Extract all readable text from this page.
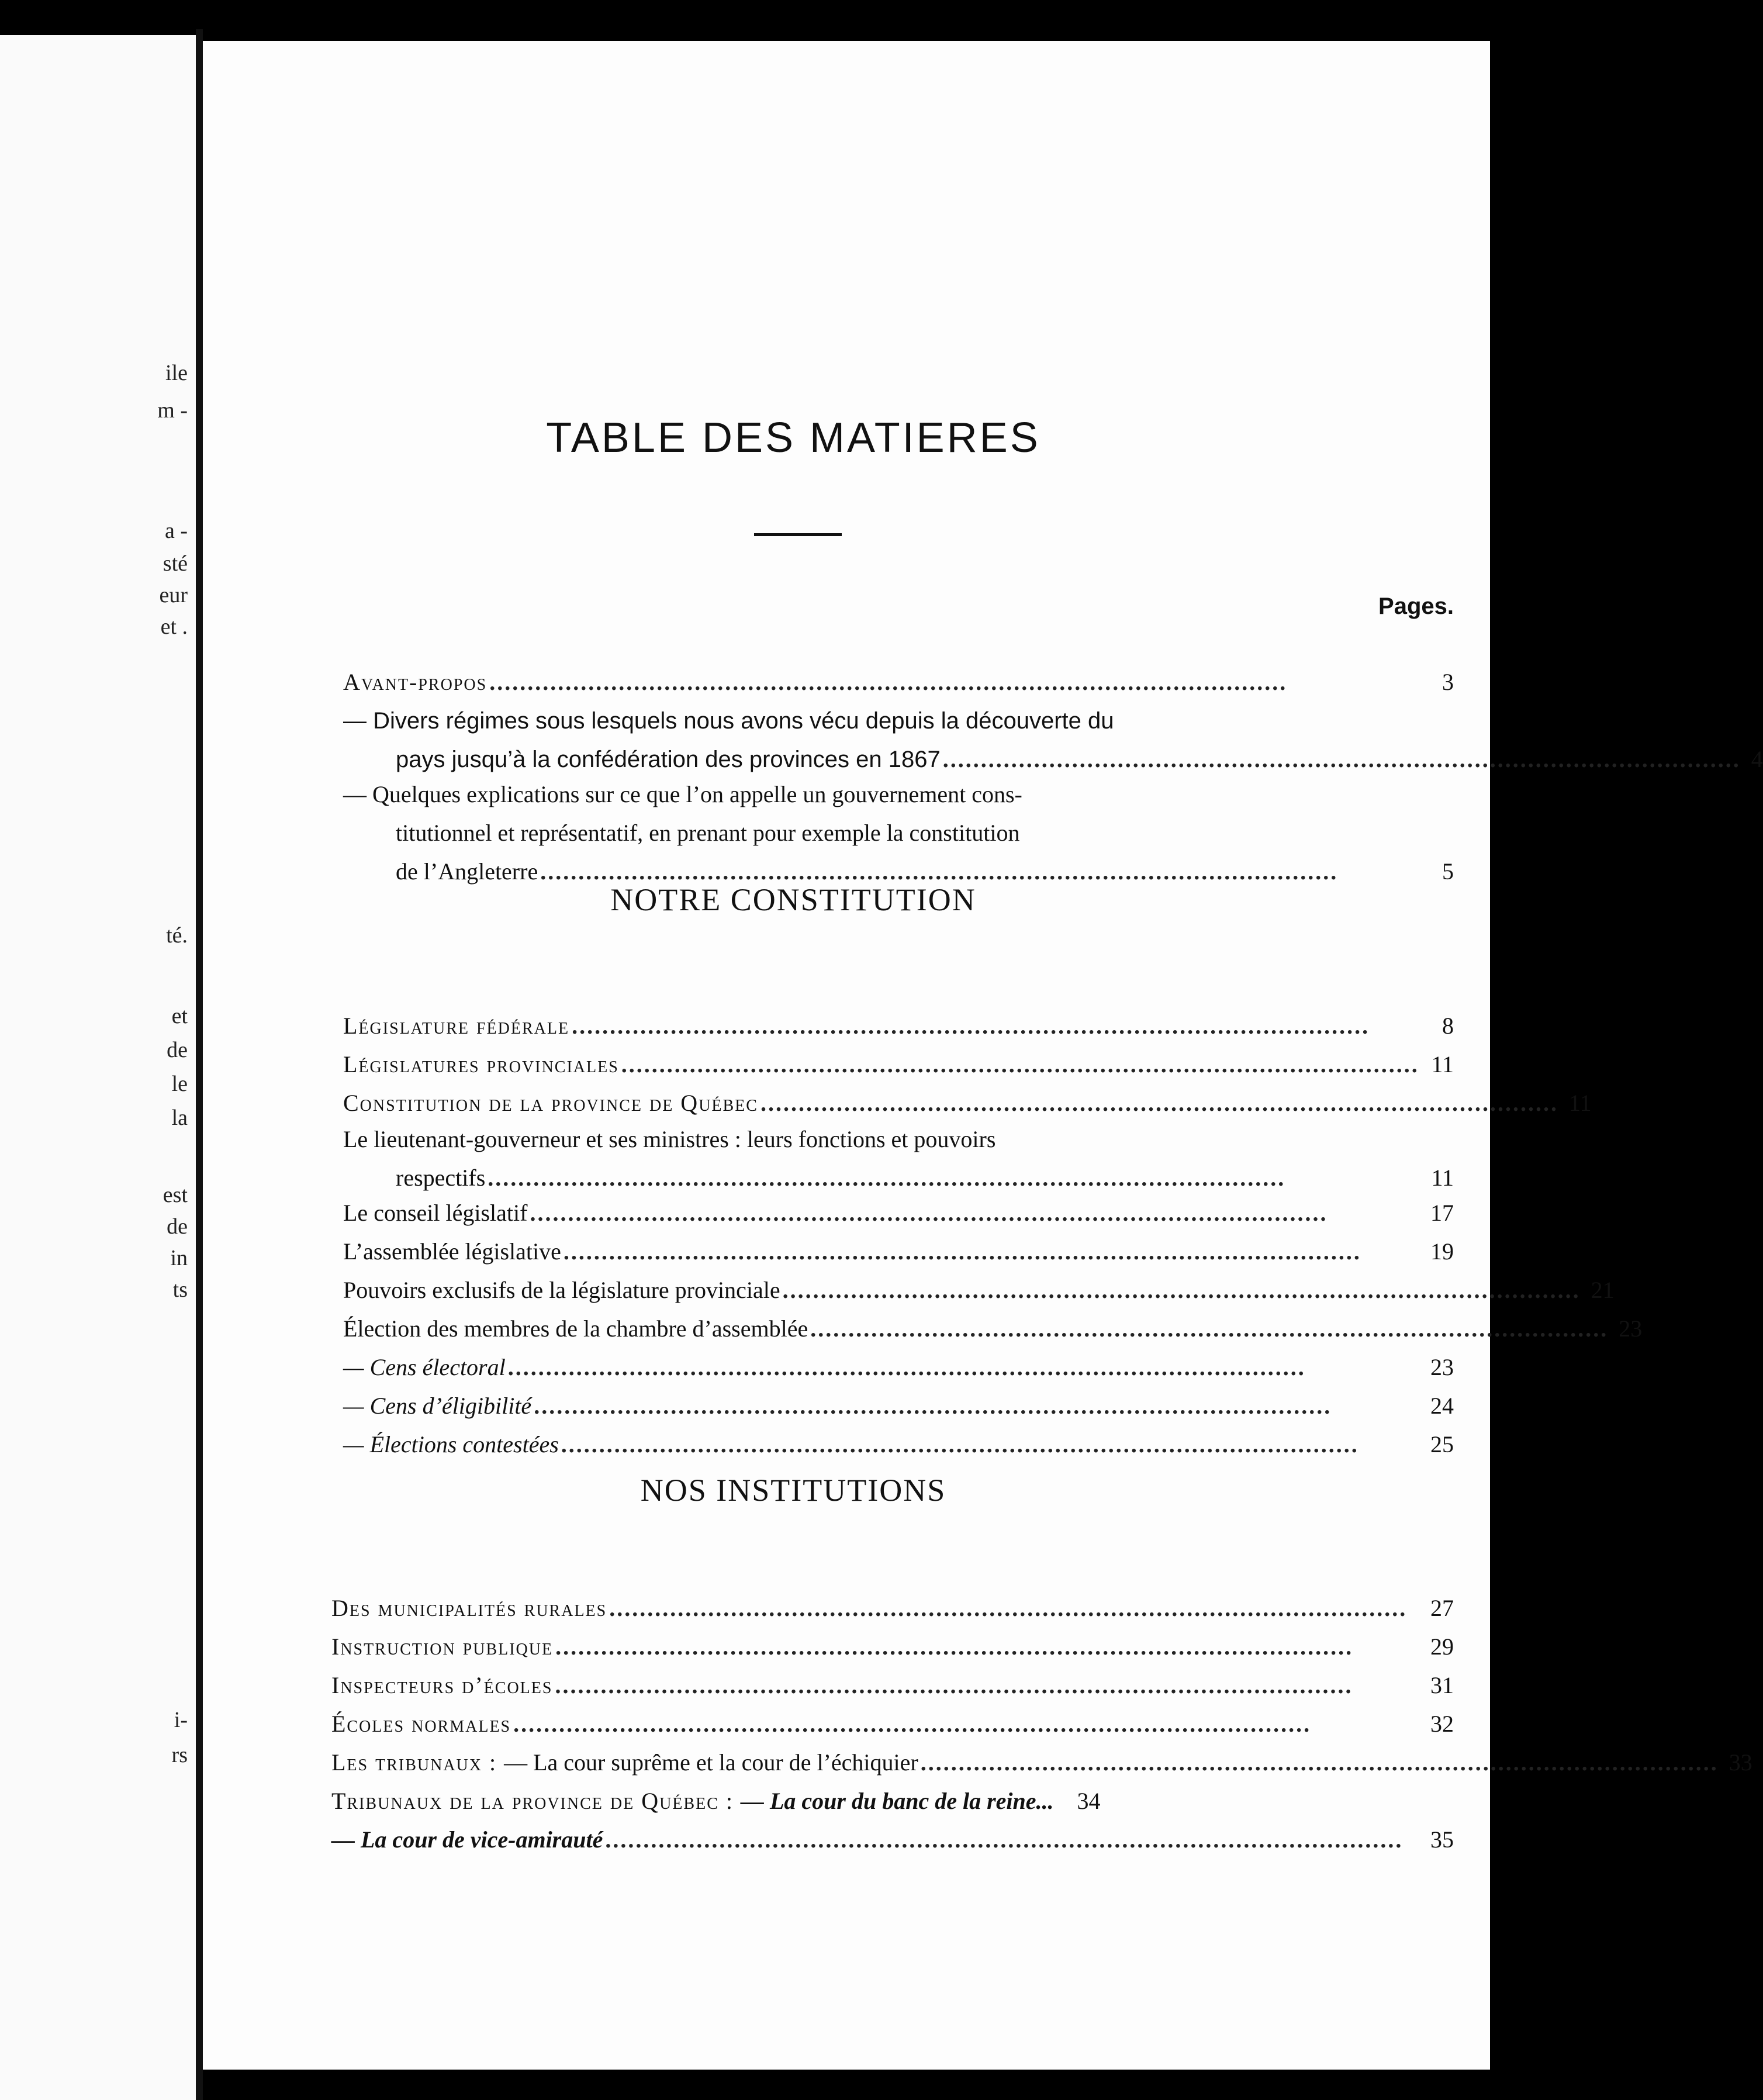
ile
m -
a -
sté
eur
et .
té.
et
de
le
la
est
de
in
ts
i-
rs
TABLE DES MATIERES
Pages.
Avant-propos .........................................................................................................	3
— Divers régimes sous lesquels nous avons vécu depuis la découverte du
pays jusqu’à la confédération des provinces en 1867 ......................................................................................................... 4
— Quelques explications sur ce que l’on appelle un gouvernement cons-
titutionnel et représentatif, en prenant pour exemple la constitution
de l’Angleterre .........................................................................................................	5
NOTRE CONSTITUTION
Législature fédérale .........................................................................................................	8
Législatures provinciales ......................................................................................................... 11
Constitution de la province de Québec ......................................................................................................... 11
Le lieutenant-gouverneur et ses ministres : leurs fonctions et pouvoirs
respectifs .........................................................................................................	11
Le conseil législatif .........................................................................................................	17
L’assemblée législative .........................................................................................................	19
Pouvoirs exclusifs de la législature provinciale ......................................................................................................... 21
Élection des membres de la chambre d’assemblée ......................................................................................................... 23
— Cens électoral .........................................................................................................	23
— Cens d’éligibilité .........................................................................................................	24
— Élections contestées .........................................................................................................	25
NOS INSTITUTIONS
Des municipalités rurales ......................................................................................................... 27
Instruction publique .........................................................................................................	29
Inspecteurs d’écoles .........................................................................................................	31
Écoles normales .........................................................................................................	32
Les tribunaux : — La cour suprême et la cour de l’échiquier ......................................................................................................... 33
Tribunaux de la province de Québec : — La cour du banc de la reine...	34
— La cour de vice-amirauté .........................................................................................................	35
